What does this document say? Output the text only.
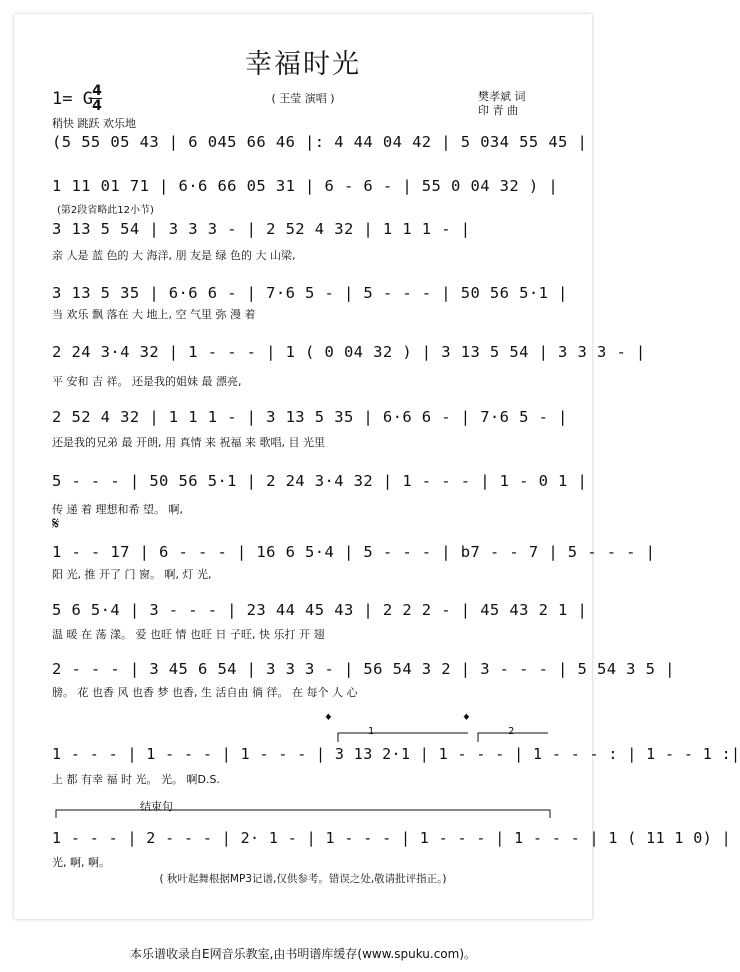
幸福时光
1= G 4
4	( 王莹 演唱 )	樊孝斌 词
印 青 曲
稍快 跳跃 欢乐地
(5 55 05 43 | 6 045 66 46 |: 4 44 04 42 | 5 034 55 45 |
1 11 01 71 | 6·6 66 05 31 | 6 - 6 - | 55 0 04 32 ) |
(第2段省略此12小节)
3 13 5 54 | 3 3 3 - | 2 52 4 32 | 1 1 1 - |
亲 人是 蓝 色的 大 海洋, 朋 友是 绿 色的 大 山梁,
3 13 5 35 | 6·6 6 - | 7·6 5 - | 5 - - - | 50 56 5·1 |
当 欢乐 飘 落在 大 地上, 空 气里 弥 漫 着
2 24 3·4 32 | 1 - - - | 1 ( 0 04 32 ) | 3 13 5 54 | 3 3 3 - |
平 安和 吉 祥。 还是我的姐妹 最 漂亮,
2 52 4 32 | 1 1 1 - | 3 13 5 35 | 6·6 6 - | 7·6 5 - |
还是我的兄弟 最 开朗, 用 真情 来 祝福 来 歌唱, 目 光里
5 - - - | 50 56 5·1 | 2 24 3·4 32 | 1 - - - | 1 - 0 1 |
传 递 着 理想和希 望。 啊,
𝄋
1 - - 17 | 6 - - - | 16 6 5·4 | 5 - - - | b7 - - 7 | 5 - - - |
阳 光, 推 开了 门 窗。 啊, 灯 光,
5 6 5·4 | 3 - - - | 23 44 45 43 | 2 2 2 - | 45 43 2 1 |
温 暖 在 荡 漾。 爱 也旺 情 也旺 日 子旺, 快 乐打 开 翅
2 - - - | 3 45 6 54 | 3 3 3 - | 56 54 3 2 | 3 - - - | 5 54 3 5 |
膀。 花 也香 风 也香 梦 也香, 生 活自由 徜 徉。 在 每个 人 心
𝄌	𝄌
1	2
1 - - - | 1 - - - | 1 - - - | 3 13 2·1 | 1 - - - | 1 - - - : | 1 - - 1 :|
上 都 有幸 福 时 光。 光。 啊D.S.
结束句
1 - - - | 2 - - - | 2· 1 - | 1 - - - | 1 - - - | 1 - - - | 1 ( 11 1 0) |
光, 啊, 啊。
( 秋叶起舞根据MP3记谱,仅供参考。错误之处,敬请批评指正。)
本乐谱收录自E网音乐教室,由书明谱库缓存(www.spuku.com)。
